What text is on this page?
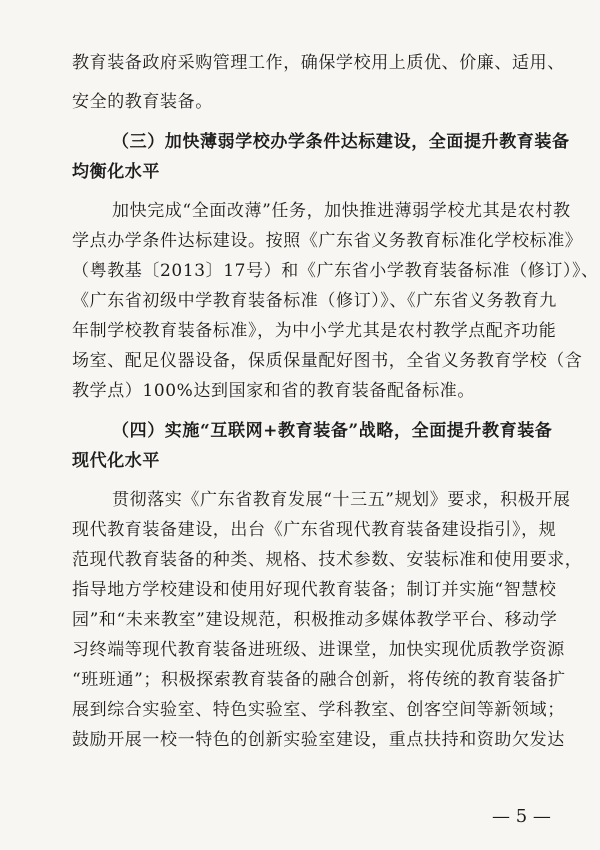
教育装备政府采购管理工作，确保学校用上质优、价廉、适用、
安全的教育装备。
（三）加快薄弱学校办学条件达标建设，全面提升教育装备
均衡化水平
加快完成“全面改薄”任务，加快推进薄弱学校尤其是农村教
学点办学条件达标建设。按照《广东省义务教育标准化学校标准》
（粤教基〔2013〕17号）和《广东省小学教育装备标准（修订）》、
《广东省初级中学教育装备标准（修订）》、《广东省义务教育九
年制学校教育装备标准》，为中小学尤其是农村教学点配齐功能
场室、配足仪器设备，保质保量配好图书，全省义务教育学校（含
教学点）100%达到国家和省的教育装备配备标准。
（四）实施“互联网+教育装备”战略，全面提升教育装备
现代化水平
贯彻落实《广东省教育发展“十三五”规划》要求，积极开展
现代教育装备建设，出台《广东省现代教育装备建设指引》，规
范现代教育装备的种类、规格、技术参数、安装标准和使用要求，
指导地方学校建设和使用好现代教育装备；制订并实施“智慧校
园”和“未来教室”建设规范，积极推动多媒体教学平台、移动学
习终端等现代教育装备进班级、进课堂，加快实现优质教学资源
“班班通”；积极探索教育装备的融合创新，将传统的教育装备扩
展到综合实验室、特色实验室、学科教室、创客空间等新领域；
鼓励开展一校一特色的创新实验室建设，重点扶持和资助欠发达
— 5 —
